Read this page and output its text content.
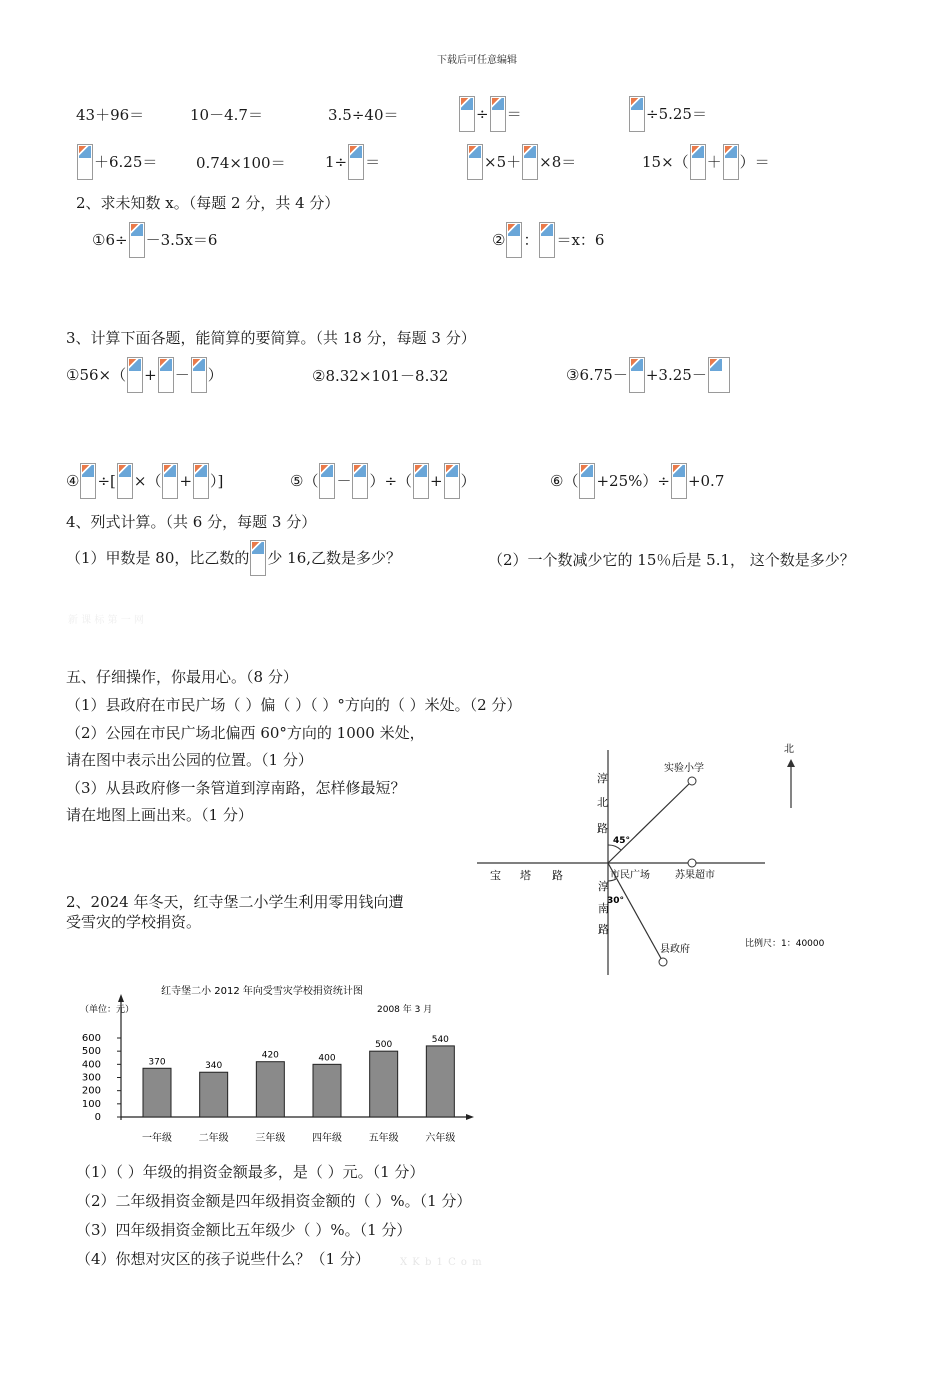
下载后可任意编辑
43＋96＝	10－4.7＝	3.5÷40＝	÷ ＝	÷5.25＝
＋6.25＝	0.74×100＝	1÷ ＝	×5＋ ×8＝	15×（ ＋ ）＝
2、求未知数 x。（每题 2 分，共 4 分）
①6÷ －3.5x＝6	② ： ＝x：6
3、计算下面各题，能简算的要简算。（共 18 分，每题 3 分）
①56×（ + － ）	②8.32×101－8.32	③6.75－ +3.25－
④ ÷[ ×（ + ）]	⑤（ － ）÷（ + ）	⑥（ +25%）÷ +0.7
4、列式计算。（共 6 分，每题 3 分）
（1）甲数是 80，比乙数的 少 16,乙数是多少？	（2）一个数减少它的 15％后是 5.1， 这个数是多少？
新 课 标 第 一 网
五、仔细操作，你最用心。（8 分）
（1）县政府在市民广场（ ）偏（ ）（ ）°方向的（ ）米处。（2 分）
（2）公园在市民广场北偏西 60°方向的 1000 米处，
请在图中表示出公园的位置。（1 分）
（3）从县政府修一条管道到淳南路，怎样修最短？
请在地图上画出来。（1 分）
北
实验小学
淳
北
路
45°
宝 塔 路	市民广场	苏果超市
淳
南
路
30°
县政府	比例尺：1：40000
2、2024 年冬天，红寺堡二小学生利用零用钱向遭
受雪灾的学校捐资。
红寺堡二小 2012 年向受雪灾学校捐资统计图
（单位：元）	2008 年 3 月
0
100
200
300
400
500
600
370
一年级
340
二年级
420
三年级
400
四年级
500
五年级
540
六年级
（1）（ ）年级的捐资金额最多，是（ ）元。（1 分）
（2）二年级捐资金额是四年级捐资金额的（ ）%。（1 分）
（3）四年级捐资金额比五年级少（ ）%。（1 分）
（4）你想对灾区的孩子说些什么？（1 分）	X K b 1 C o m
